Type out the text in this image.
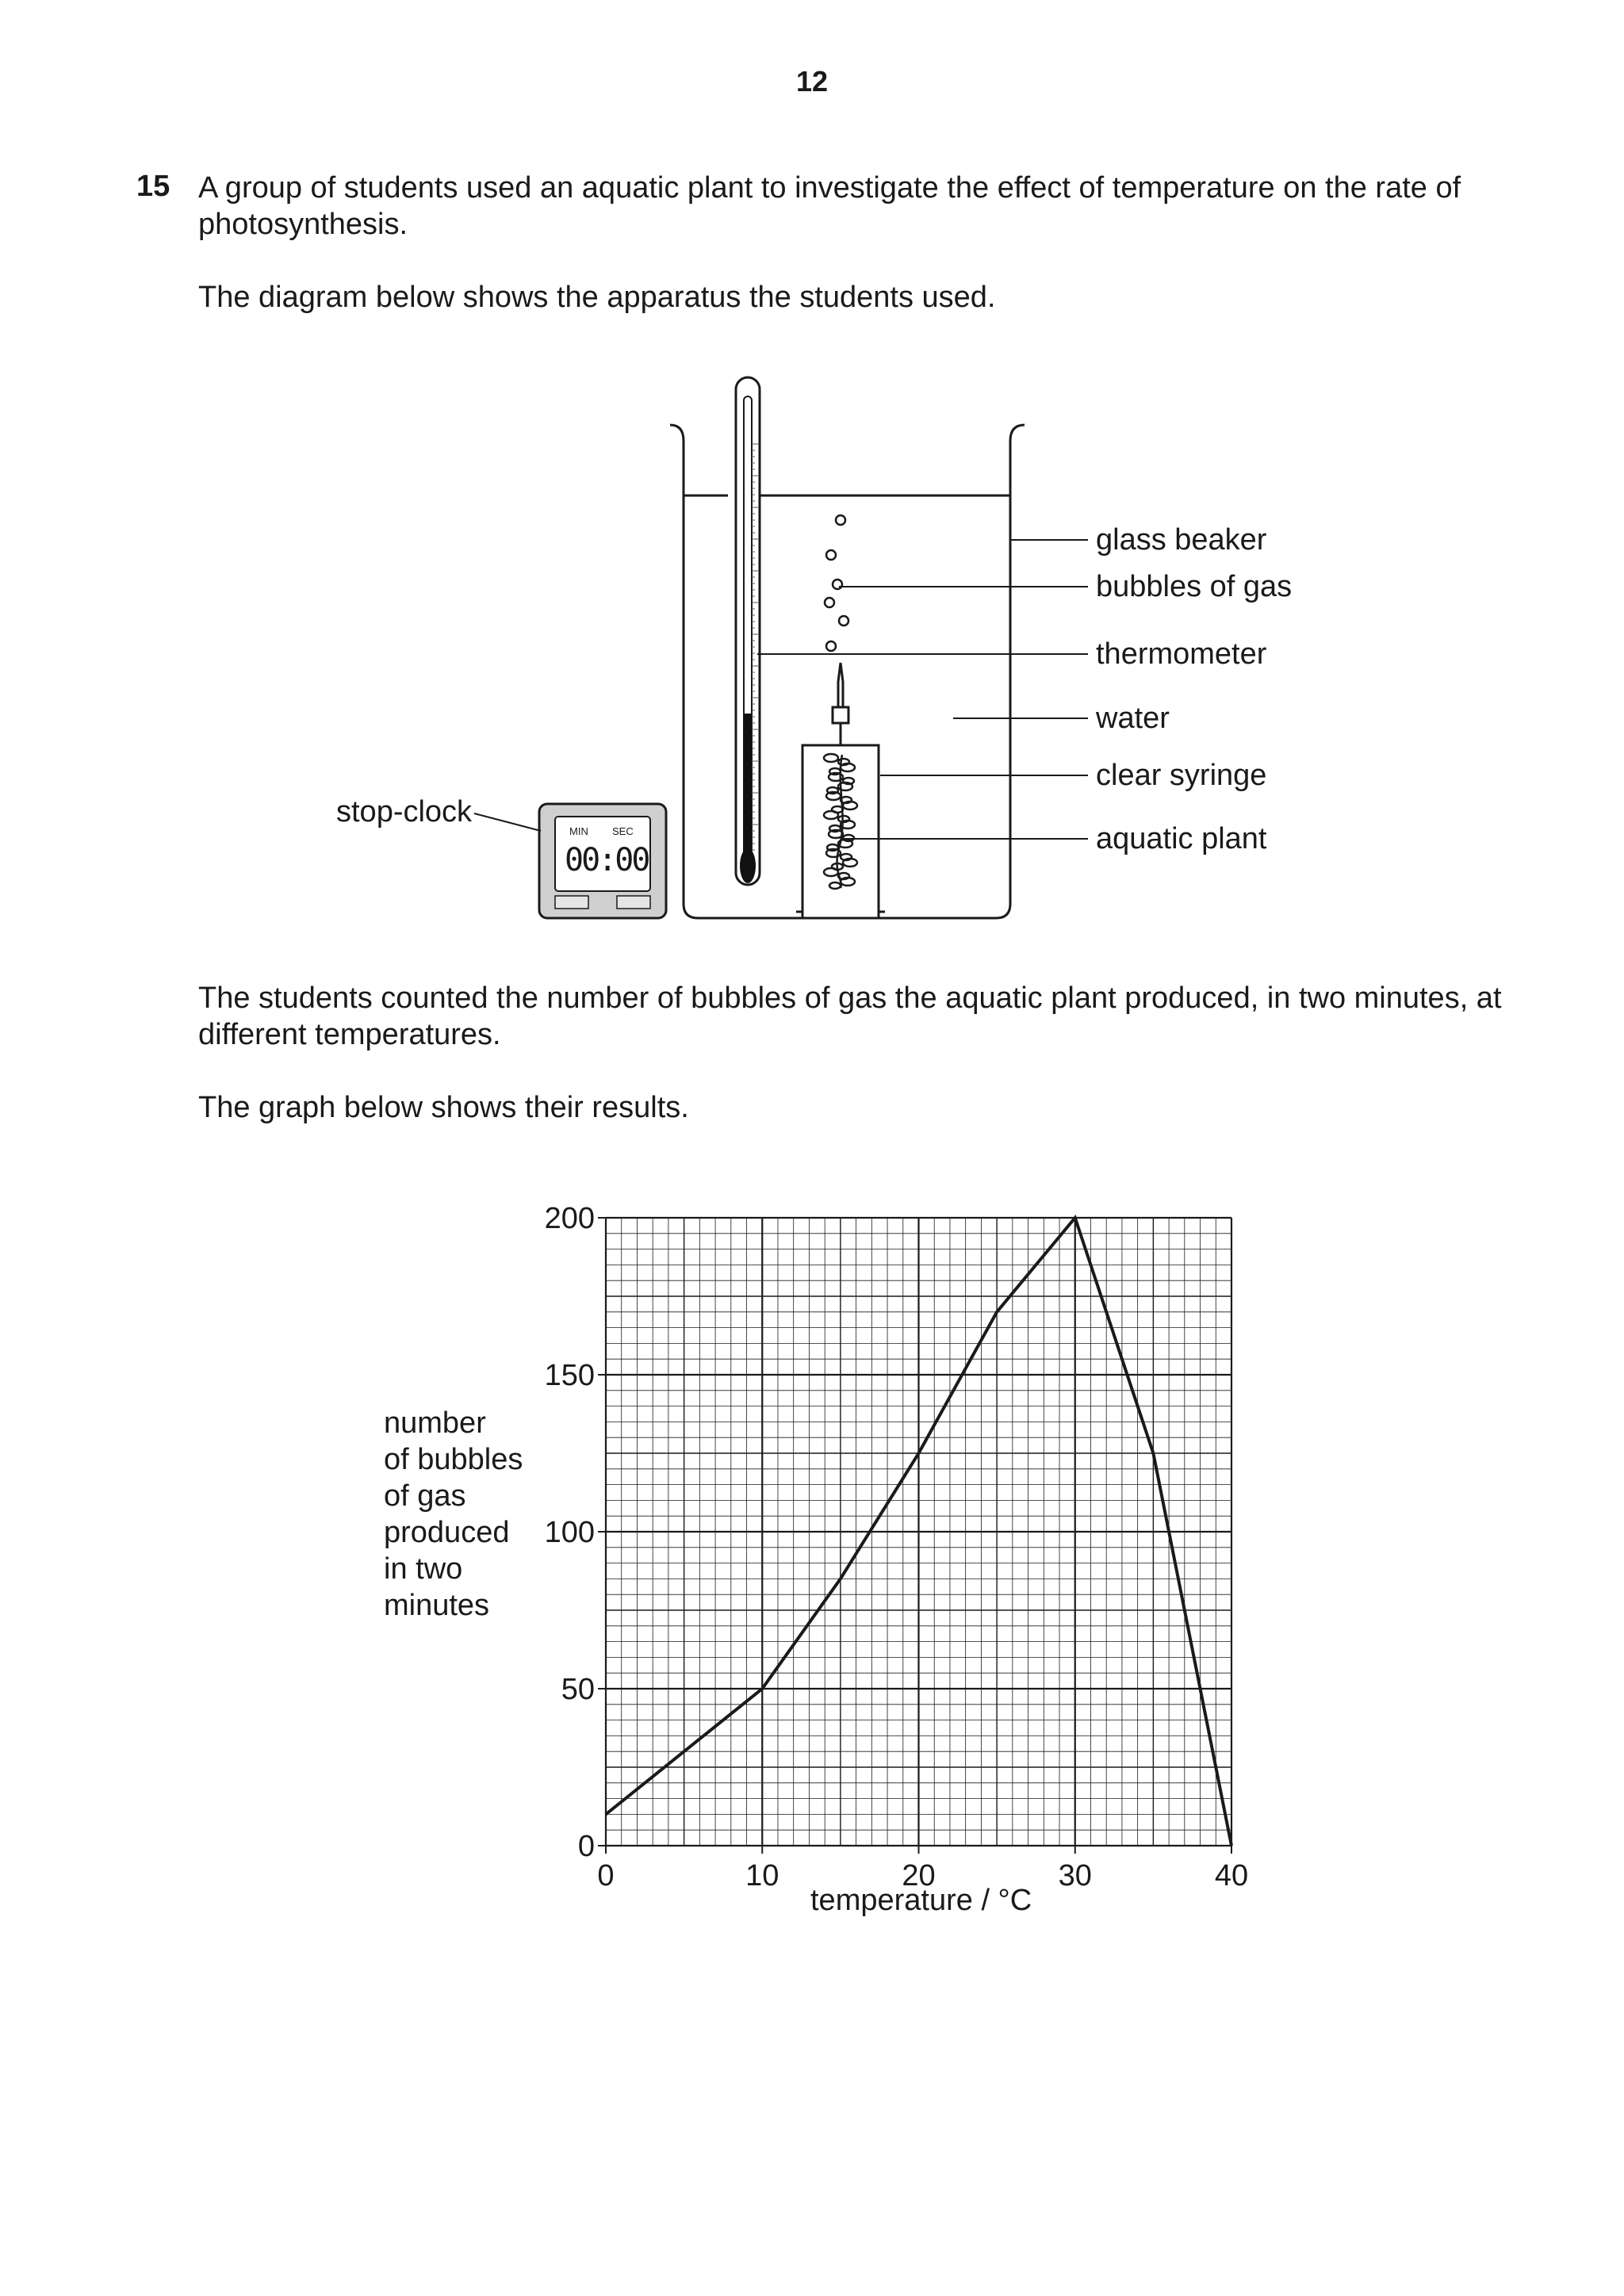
12
15 A group of students used an aquatic plant to investigate the effect of temperature on the rate of
photosynthesis.
The diagram below shows the apparatus the students used.
MIN SEC
00:00
glass beaker
bubbles of gas
thermometer
water
clear syringe
aquatic plant
stop-clock
The students counted the number of bubbles of gas the aquatic plant produced, in two minutes, at
different temperatures.
The graph below shows their results.
number
of bubbles
of gas
produced
in two
minutes
0
50
100
150
200
0	10	20	30	40
temperature / °C
